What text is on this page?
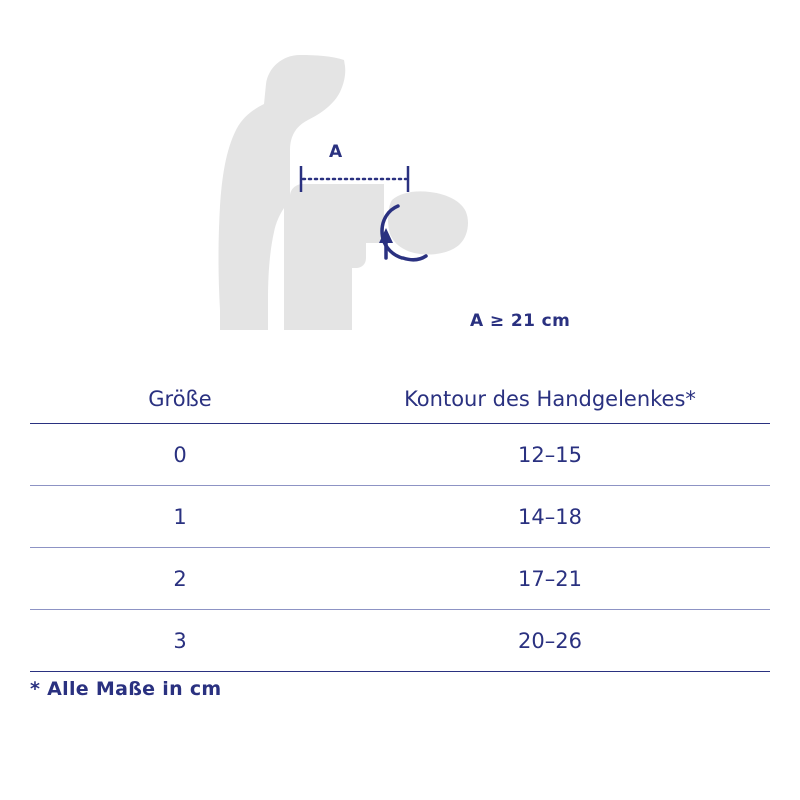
A
A ≥ 21 cm
Größe	Kontour des Handgelenkes*

0	12–15

1	14–18

2	17–21

3	20–26

* Alle Maße in cm
